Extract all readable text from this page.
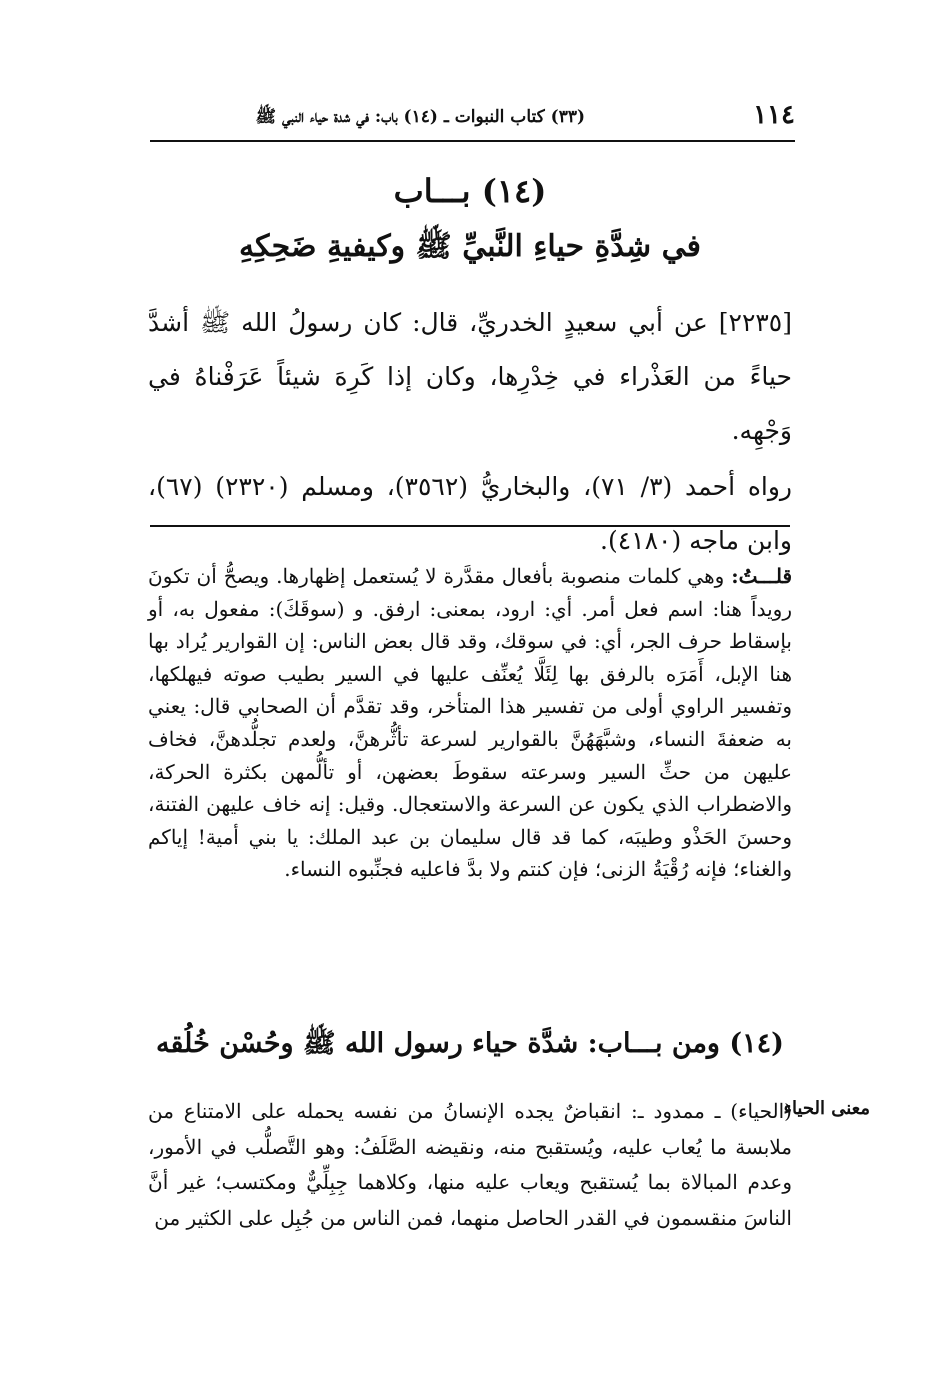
١١٤
(٣٣) كتاب النبوات ـ (١٤) باب: في شدة حياء النبي ﷺ
(١٤) بـــاب
في شِدَّةِ حياءِ النَّبيِّ ﷺ وكيفيةِ ضَحِكِهِ

[٢٢٣٥] عن أبي سعيدٍ الخدريِّ، قال: كان رسولُ الله ﷺ أشدَّ حياءً من العَذْراء في خِدْرِها، وكان إذا كَرِهَ شيئاً عَرَفْناهُ في وَجْهِه.

رواه أحمد (٣/ ٧١)، والبخاريُّ (٣٥٦٢)، ومسلم (٢٣٢٠) (٦٧)، وابن ماجه (٤١٨٠).

قلـــتُ: وهي كلمات منصوبة بأفعال مقدَّرة لا يُستعمل إظهارها. ويصحُّ أن تكونَ رويداً هنا: اسم فعل أمر. أي: ارود، بمعنى: ارفق. و (سوقَكَ): مفعول به، أو بإسقاط حرف الجر، أي: في سوقك، وقد قال بعض الناس: إن القوارير يُراد بها هنا الإبل، أَمَرَه بالرفق بها لِئَلَّا يُعنِّف عليها في السير بطيب صوته فيهلكها، وتفسير الراوي أولى من تفسير هذا المتأخر، وقد تقدَّم أن الصحابي قال: يعني به ضعفةَ النساء، وشبَّهَهُنَّ بالقوارير لسرعة تأثُّرهنَّ، ولعدم تجلُّدهنَّ، فخاف عليهن من حثِّ السير وسرعته سقوطَ بعضهن، أو تألُّمهن بكثرة الحركة، والاضطراب الذي يكون عن السرعة والاستعجال. وقيل: إنه خاف عليهن الفتنة، وحسنَ الحَذْو وطيبَه، كما قد قال سليمان بن عبد الملك: يا بني أمية! إياكم والغناء؛ فإنه رُقْيَةُ الزنى؛ فإن كنتم ولا بدَّ فاعليه فجنِّبوه النساء.

(١٤) ومن بـــاب: شدَّة حياء رسول الله ﷺ وحُسْن خُلُقه
معنى الحياء

(الحياء) ـ ممدود ـ: انقباضٌ يجده الإنسانُ من نفسه يحمله على الامتناع من ملابسة ما يُعاب عليه، ويُستقبح منه، ونقيضه الصَّلَفُ: وهو التَّصلُّب في الأمور، وعدم المبالاة بما يُستقبح ويعاب عليه منها، وكلاهما جِبِلِّيٌّ ومكتسب؛ غير أنَّ الناسَ منقسمون في القدر الحاصل منهما، فمن الناس من جُبِل على الكثير من
